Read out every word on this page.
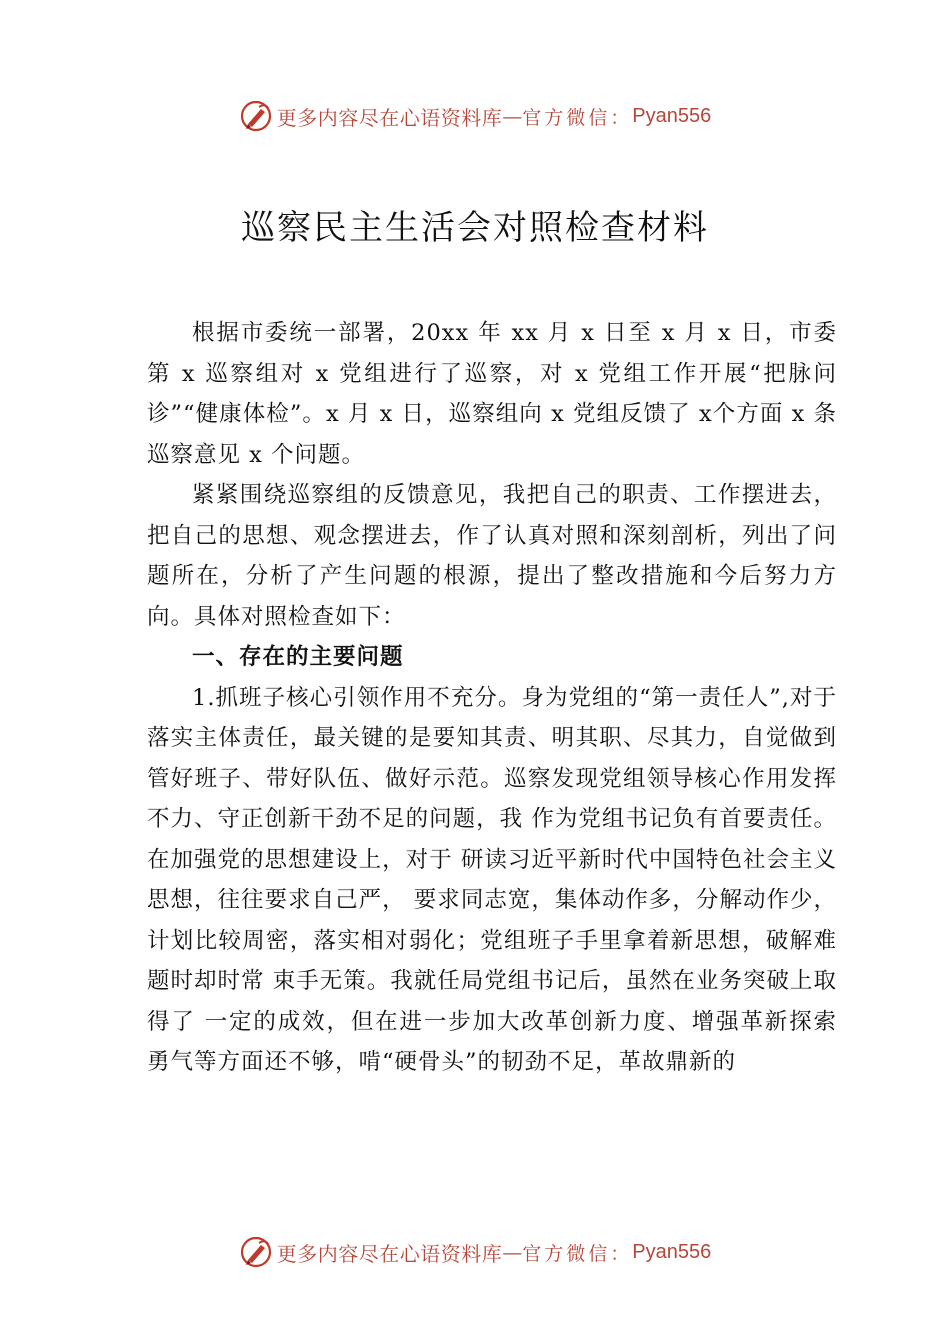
更多内容尽在心语资料库 — 官方微信： Pyan556
巡察民主生活会对照检查材料

根据市委统一部署，20xx 年 xx 月 x 日至 x 月 x 日，市委第 x 巡察组对 x 党组进行了巡察，对 x 党组工作开展“把脉问诊”“健康体检”。x 月 x 日，巡察组向 x 党组反馈了 x个方面 x 条巡察意见 x 个问题。

紧紧围绕巡察组的反馈意见，我把自己的职责、工作摆进去，把自己的思想、观念摆进去，作了认真对照和深刻剖析，列出了问题所在，分析了产生问题的根源，提出了整改措施和今后努力方向。具体对照检查如下：

一、存在的主要问题

1.抓班子核心引领作用不充分。身为党组的“第一责任人”,对于落实主体责任，最关键的是要知其责、明其职、尽其力，自觉做到管好班子、带好队伍、做好示范。巡察发现党组领导核心作用发挥不力、守正创新干劲不足的问题，我 作为党组书记负有首要责任。在加强党的思想建设上，对于 研读习近平新时代中国特色社会主义思想，往往要求自己严， 要求同志宽，集体动作多，分解动作少，计划比较周密，落实相对弱化；党组班子手里拿着新思想，破解难题时却时常 束手无策。我就任局党组书记后，虽然在业务突破上取得了 一定的成效，但在进一步加大改革创新力度、增强革新探索 勇气等方面还不够，啃“硬骨头”的韧劲不足，革故鼎新的

更多内容尽在心语资料库 — 官方微信： Pyan556
